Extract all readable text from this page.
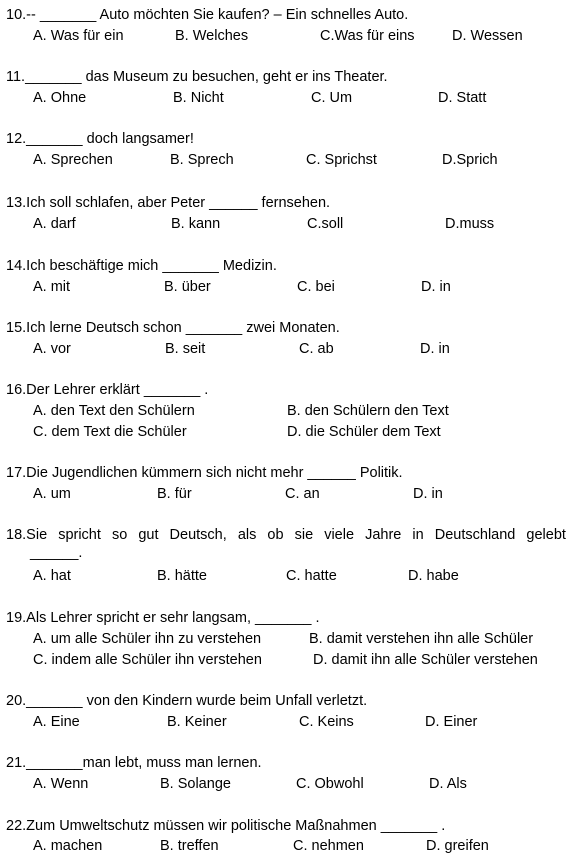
10.-- _______ Auto möchten Sie kaufen? – Ein schnelles Auto.
A. Was für ein	B. Welches	C.Was für eins	D. Wessen
11._______ das Museum zu besuchen, geht er ins Theater.
A. Ohne	B. Nicht	C. Um	D. Statt
12._______ doch langsamer!
A. Sprechen	B. Sprech	C. Sprichst	D.Sprich
13.Ich soll schlafen, aber Peter ______ fernsehen.
A. darf	B. kann	C.soll	D.muss
14.Ich beschäftige mich _______ Medizin.
A. mit	B. über	C. bei	D. in
15.Ich lerne Deutsch schon _______ zwei Monaten.
A. vor	B. seit	C. ab	D. in
16.Der Lehrer erklärt _______ .
A. den Text den Schülern	B. den Schülern den Text
C. dem Text die Schüler	D. die Schüler dem Text
17.Die Jugendlichen kümmern sich nicht mehr ______ Politik.
A. um	B. für	C. an	D. in
18.Sie spricht so gut Deutsch, als ob sie viele Jahre in Deutschland gelebt
______.
A. hat	B. hätte	C. hatte	D. habe
19.Als Lehrer spricht er sehr langsam, _______ .
A. um alle Schüler ihn zu verstehen	B. damit verstehen ihn alle Schüler
C. indem alle Schüler ihn verstehen	D. damit ihn alle Schüler verstehen
20._______ von den Kindern wurde beim Unfall verletzt.
A. Eine	B. Keiner	C. Keins	D. Einer
21._______man lebt, muss man lernen.
A. Wenn	B. Solange	C. Obwohl	D. Als
22.Zum Umweltschutz müssen wir politische Maßnahmen _______ .
A. machen	B. treffen	C. nehmen	D. greifen
